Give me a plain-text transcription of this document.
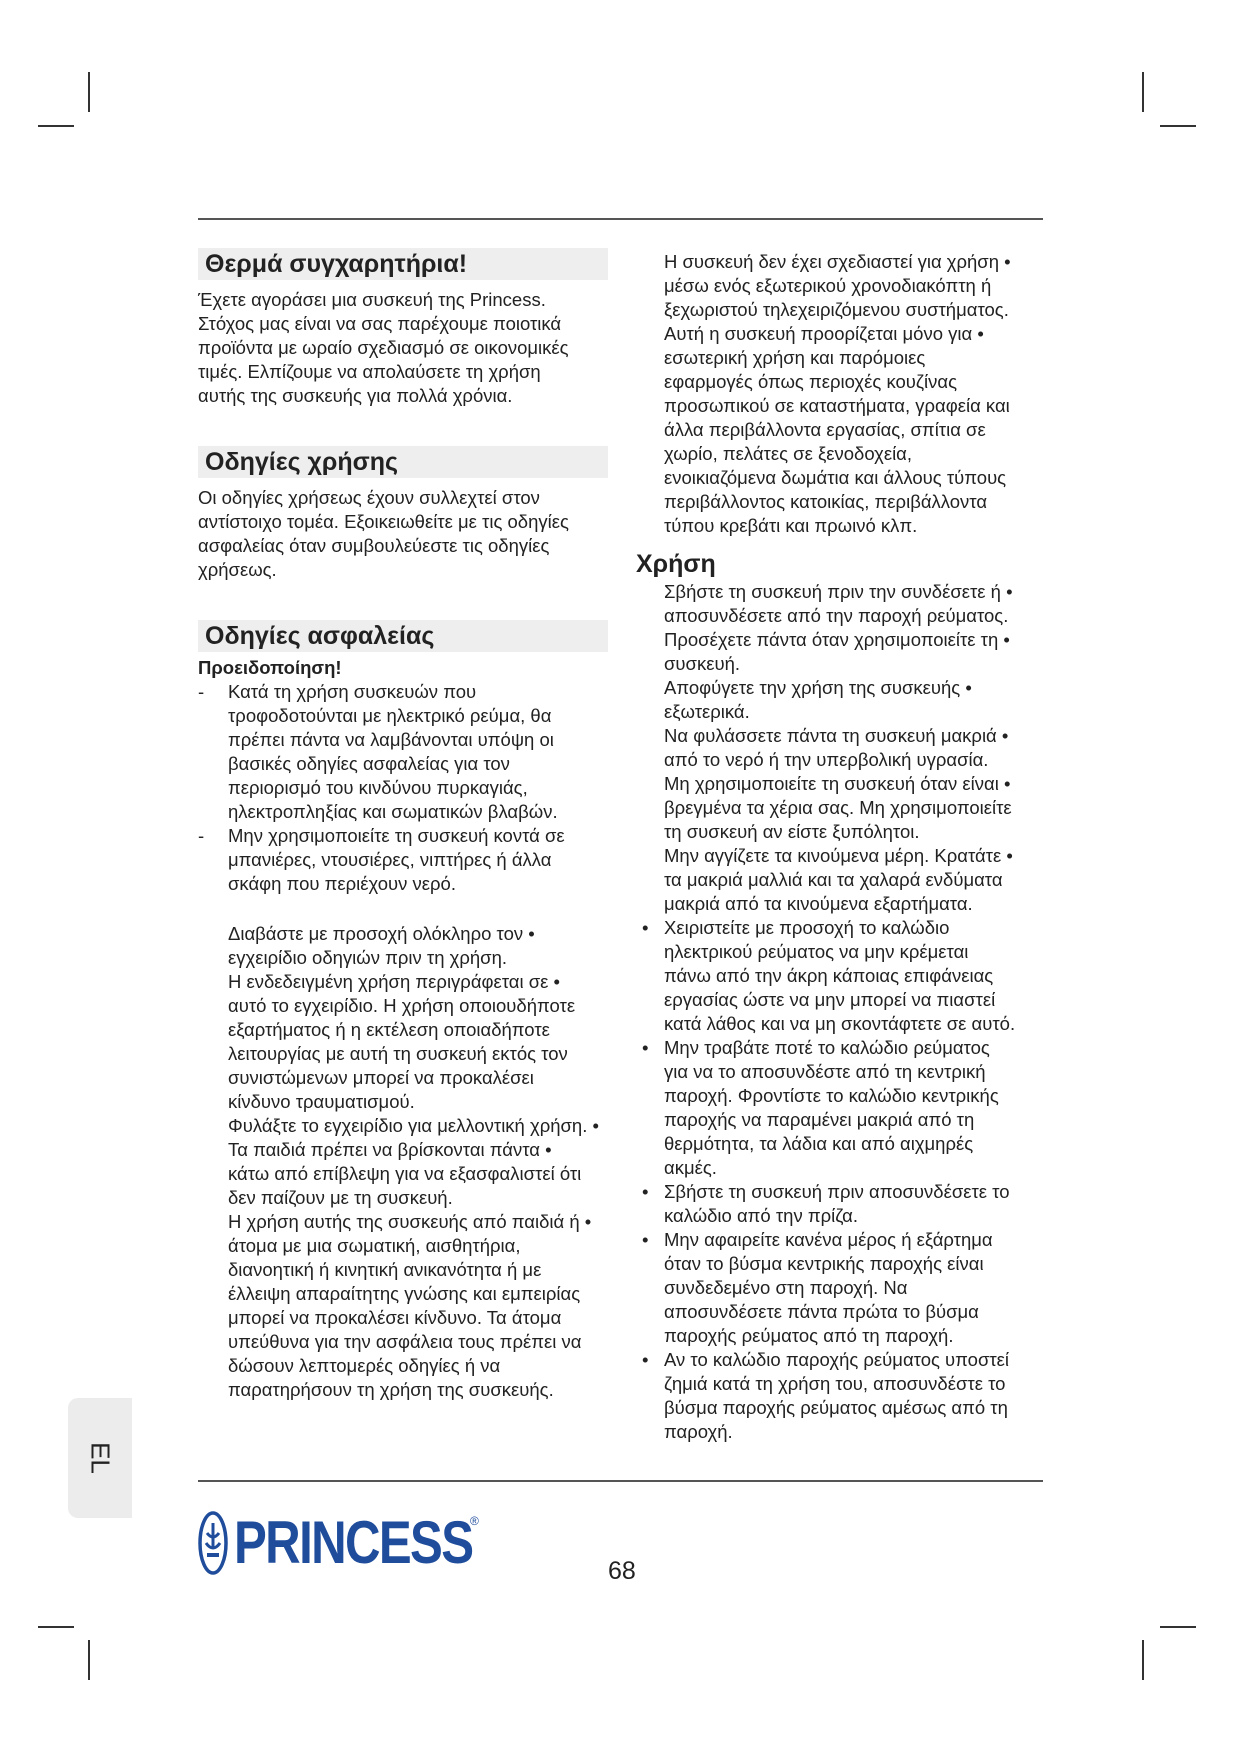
Θερμά συγχαρητήρια!
Έχετε αγοράσει μια συσκευή της Princess.
Στόχος μας είναι να σας παρέχουμε ποιοτικά
προϊόντα με ωραίο σχεδιασμό σε οικονομικές
τιμές. Ελπίζουμε να απολαύσετε τη χρήση
αυτής της συσκευής για πολλά χρόνια.
Οδηγίες χρήσης
Οι οδηγίες χρήσεως έχουν συλλεχτεί στον
αντίστοιχο τομέα. Εξοικειωθείτε με τις οδηγίες
ασφαλείας όταν συμβουλεύεστε τις οδηγίες
χρήσεως.
Οδηγίες ασφαλείας
Προειδοποίηση!
- Κατά τη χρήση συσκευών που
τροφοδοτούνται με ηλεκτρικό ρεύμα, θα
πρέπει πάντα να λαμβάνονται υπόψη οι
βασικές οδηγίες ασφαλείας για τον
περιορισμό του κινδύνου πυρκαγιάς,
ηλεκτροπληξίας και σωματικών βλαβών.
- Μην χρησιμοποιείτε τη συσκευή κοντά σε
μπανιέρες, ντουσιέρες, νιπτήρες ή άλλα
σκάφη που περιέχουν νερό.
Διαβάστε με προσοχή ολόκληρο τον •
εγχειρίδιο οδηγιών πριν τη χρήση.
Η ενδεδειγμένη χρήση περιγράφεται σε •
αυτό το εγχειρίδιο. Η χρήση οποιουδήποτε
εξαρτήματος ή η εκτέλεση οποιαδήποτε
λειτουργίας με αυτή τη συσκευή εκτός τον
συνιστώμενων μπορεί να προκαλέσει
κίνδυνο τραυματισμού.
Φυλάξτε το εγχειρίδιο για μελλοντική χρήση. •
Τα παιδιά πρέπει να βρίσκονται πάντα •
κάτω από επίβλεψη για να εξασφαλιστεί ότι
δεν παίζουν με τη συσκευή.
Η χρήση αυτής της συσκευής από παιδιά ή •
άτομα με μια σωματική, αισθητήρια,
διανοητική ή κινητική ανικανότητα ή με
έλλειψη απαραίτητης γνώσης και εμπειρίας
μπορεί να προκαλέσει κίνδυνο. Τα άτομα
υπεύθυνα για την ασφάλεια τους πρέπει να
δώσουν λεπτομερές οδηγίες ή να
παρατηρήσουν τη χρήση της συσκευής.
Η συσκευή δεν έχει σχεδιαστεί για χρήση •
μέσω ενός εξωτερικού χρονοδιακόπτη ή
ξεχωριστού τηλεχειριζόμενου συστήματος.
Αυτή η συσκευή προορίζεται μόνο για •
εσωτερική χρήση και παρόμοιες
εφαρμογές όπως περιοχές κουζίνας
προσωπικού σε καταστήματα, γραφεία και
άλλα περιβάλλοντα εργασίας, σπίτια σε
χωρίο, πελάτες σε ξενοδοχεία,
ενοικιαζόμενα δωμάτια και άλλους τύπους
περιβάλλοντος κατοικίας, περιβάλλοντα
τύπου κρεβάτι και πρωινό κλπ.
Χρήση
Σβήστε τη συσκευή πριν την συνδέσετε ή •
αποσυνδέσετε από την παροχή ρεύματος.
Προσέχετε πάντα όταν χρησιμοποιείτε τη •
συσκευή.
Αποφύγετε την χρήση της συσκευής •
εξωτερικά.
Να φυλάσσετε πάντα τη συσκευή μακριά •
από το νερό ή την υπερβολική υγρασία.
Μη χρησιμοποιείτε τη συσκευή όταν είναι •
βρεγμένα τα χέρια σας. Μη χρησιμοποιείτε
τη συσκευή αν είστε ξυπόλητοι.
Μην αγγίζετε τα κινούμενα μέρη. Κρατάτε •
τα μακριά μαλλιά και τα χαλαρά ενδύματα
μακριά από τα κινούμενα εξαρτήματα.
• Χειριστείτε με προσοχή το καλώδιο
ηλεκτρικού ρεύματος να μην κρέμεται
πάνω από την άκρη κάποιας επιφάνειας
εργασίας ώστε να μην μπορεί να πιαστεί
κατά λάθος και να μη σκοντάφτετε σε αυτό.
• Μην τραβάτε ποτέ το καλώδιο ρεύματος
για να το αποσυνδέστε από τη κεντρική
παροχή. Φροντίστε το καλώδιο κεντρικής
παροχής να παραμένει μακριά από τη
θερμότητα, τα λάδια και από αιχμηρές
ακμές.
• Σβήστε τη συσκευή πριν αποσυνδέσετε το
καλώδιο από την πρίζα.
• Μην αφαιρείτε κανένα μέρος ή εξάρτημα
όταν το βύσμα κεντρικής παροχής είναι
συνδεδεμένο στη παροχή. Να
αποσυνδέσετε πάντα πρώτα το βύσμα
παροχής ρεύματος από τη παροχή.
• Αν το καλώδιο παροχής ρεύματος υποστεί
ζημιά κατά τη χρήση του, αποσυνδέστε το
βύσμα παροχής ρεύματος αμέσως από τη
παροχή.
EL
PRINCESS
®
68
